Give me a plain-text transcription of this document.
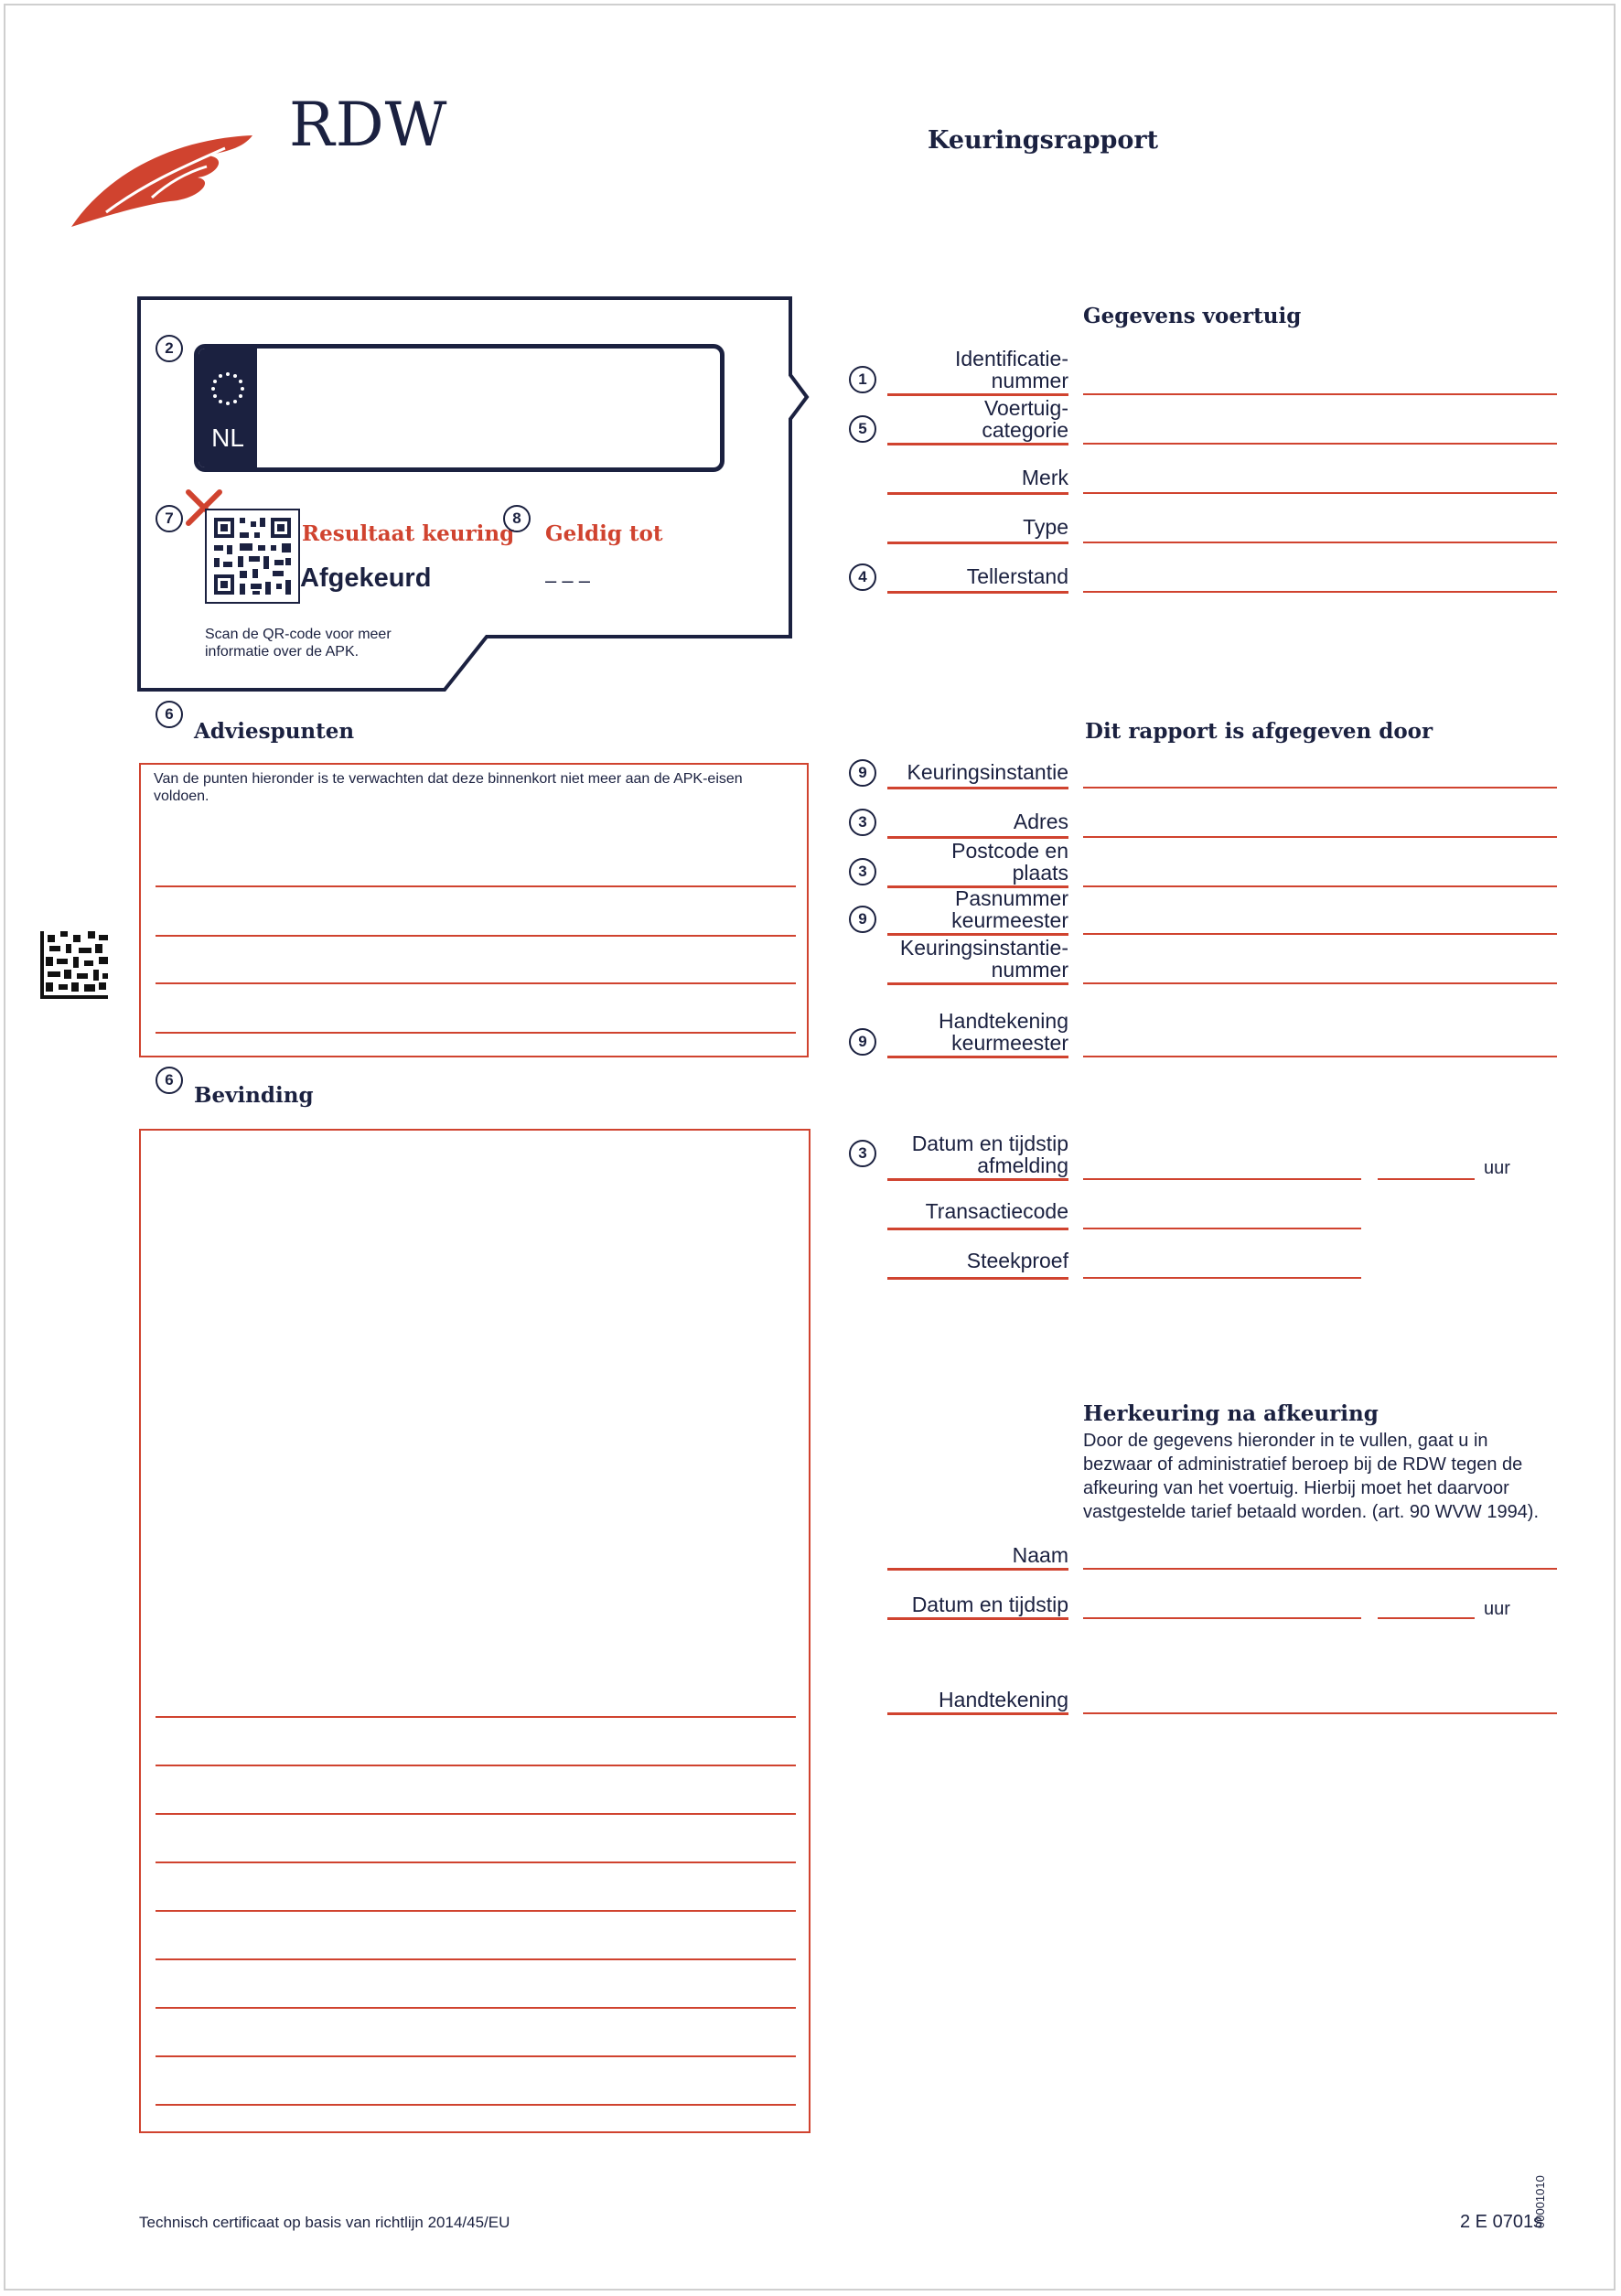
RDW	Keuringsrapport
2
NL
7
Resultaat keuring
Afgekeurd
8
Geldig tot
– – –
Scan de QR-code voor meer informatie over de APK.
Gegevens voertuig
1
Identificatie-
nummer
5
Voertuig-
categorie
Merk
Type
4	Tellerstand
6
Adviespunten
Van de punten hieronder is te verwachten dat deze binnenkort niet meer aan de APK-eisen voldoen.
6
Bevinding
Dit rapport is afgegeven door
9	Keuringsinstantie
3	Adres
3
Postcode en
plaats
9
Pasnummer
keurmeester
Keuringsinstantie-
nummer
9
Handtekening
keurmeester
3	Datum en tijdstip
afmelding	uur
Transactiecode
Steekproef
Herkeuring na afkeuring
Door de gegevens hieronder in te vullen, gaat u in bezwaar of administratief beroep bij de RDW tegen de afkeuring van het voertuig. Hierbij moet het daarvoor vastgestelde tarief betaald worden. (art. 90 WVW 1994).
Naam
Datum en tijdstip	uur
Handtekening
Technisch certificaat op basis van richtlijn 2014/45/EU	2 E 0701s
00001010
